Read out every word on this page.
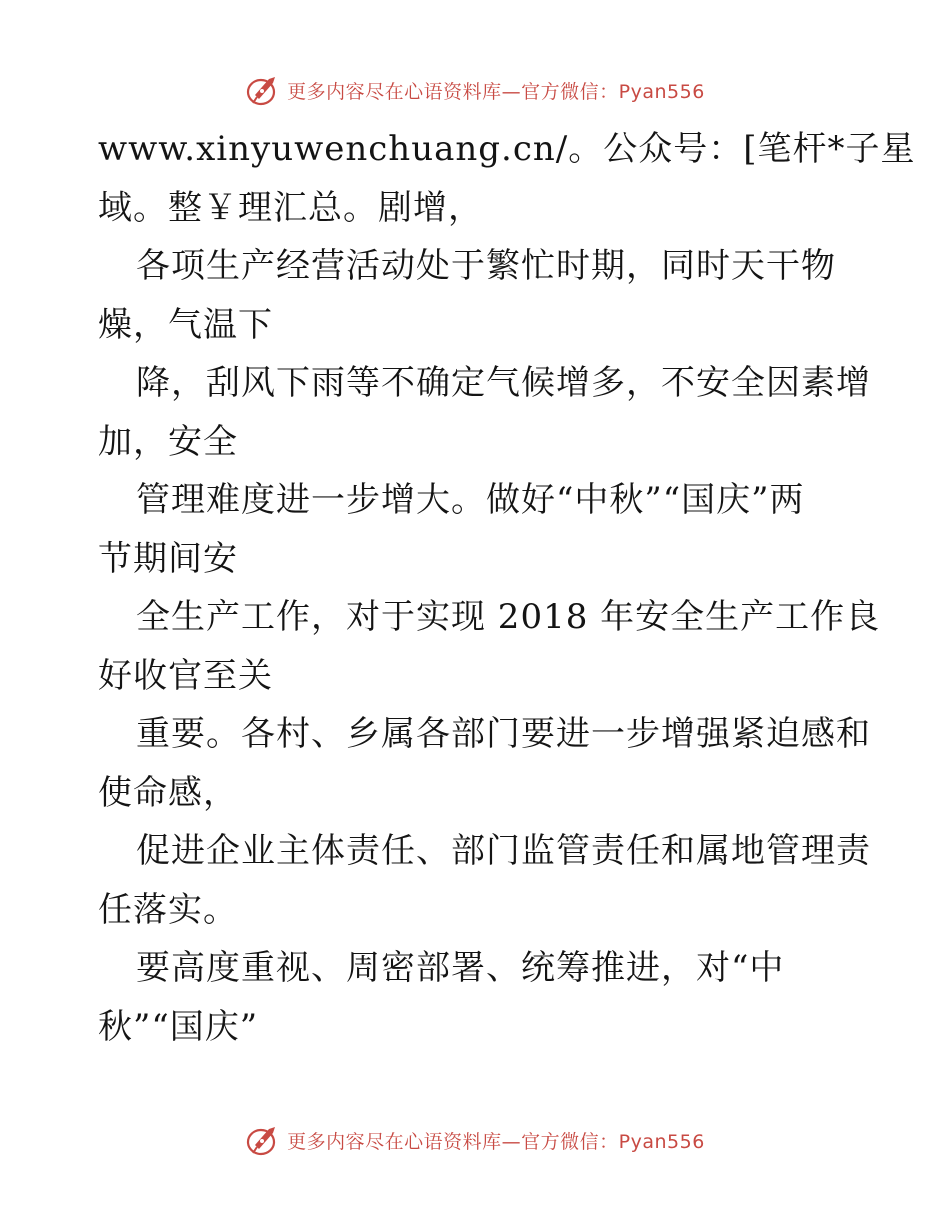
更多内容尽在心语资料库—官方微信：Pyan556
www.xinyuwenchuang.cn/。公众号：[笔杆*子星
域。整￥理汇总。剧增，
各项生产经营活动处于繁忙时期，同时天干物
燥，气温下
降，刮风下雨等不确定气候增多，不安全因素增
加，安全
管理难度进一步增大。做好“中秋”“国庆”两
节期间安
全生产工作，对于实现 2018 年安全生产工作良
好收官至关
重要。各村、乡属各部门要进一步增强紧迫感和
使命感，
促进企业主体责任、部门监管责任和属地管理责
任落实。
要高度重视、周密部署、统筹推进，对“中
秋”“国庆”
更多内容尽在心语资料库—官方微信：Pyan556
